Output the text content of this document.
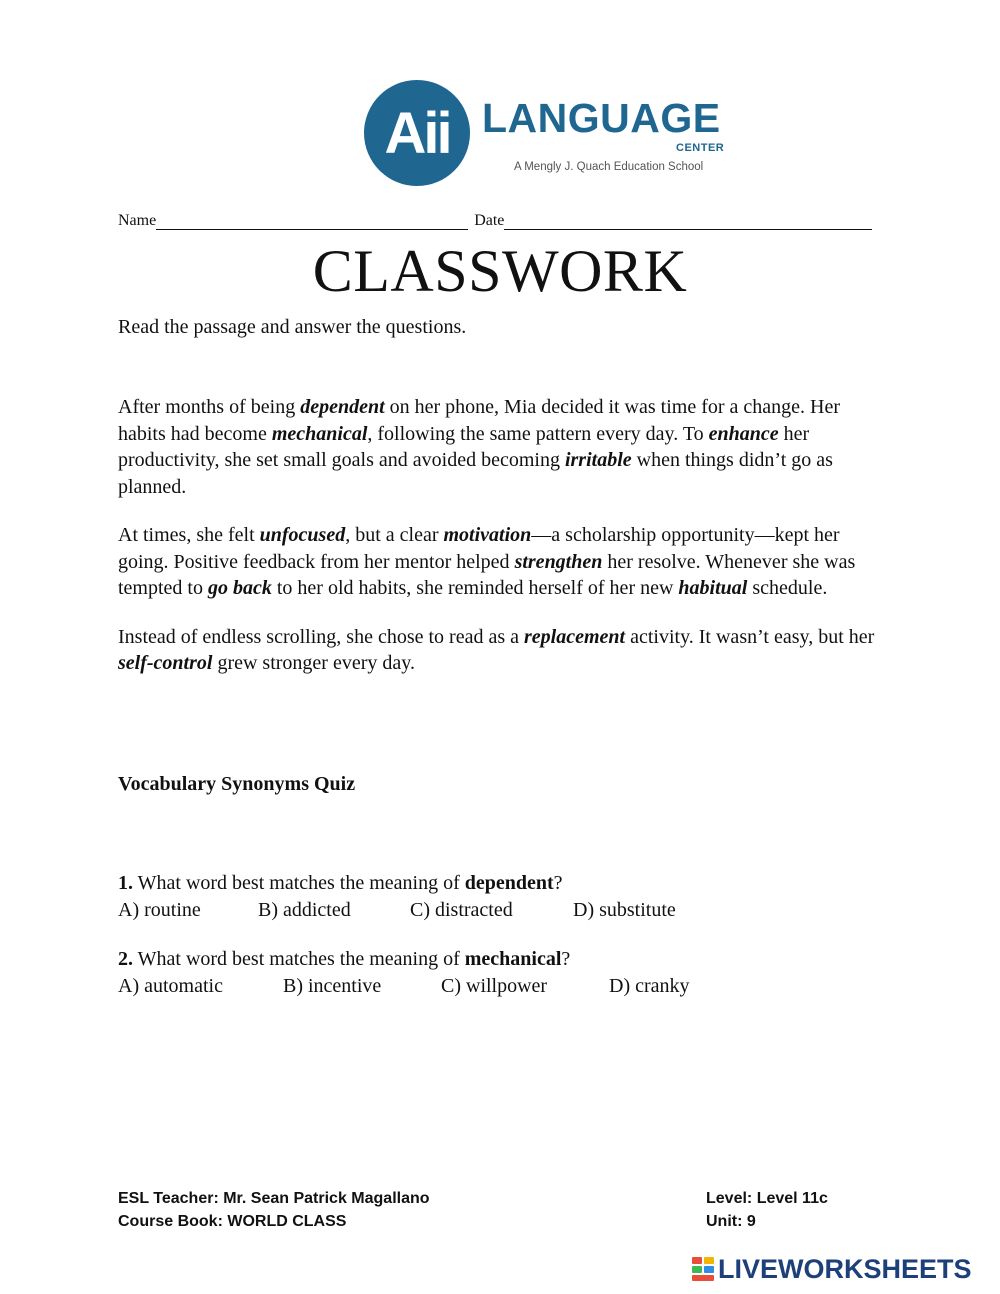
Aii LANGUAGE
CENTER
A Mengly J. Quach Education School
Name	Date
CLASSWORK
Read the passage and answer the questions.

After months of being dependent on her phone, Mia decided it was time for a change. Her habits had become mechanical, following the same pattern every day. To enhance her productivity, she set small goals and avoided becoming irritable when things didn’t go as planned.

At times, she felt unfocused, but a clear motivation—a scholarship opportunity—kept her going. Positive feedback from her mentor helped strengthen her resolve. Whenever she was tempted to go back to her old habits, she reminded herself of her new habitual schedule.

Instead of endless scrolling, she chose to read as a replacement activity. It wasn’t easy, but her self-control grew stronger every day.

Vocabulary Synonyms Quiz

1. What word best matches the meaning of dependent?

A) routine	B) addicted	C) distracted	D) substitute

2. What word best matches the meaning of mechanical?

A) automatic	B) incentive	C) willpower	D) cranky

ESL Teacher: Mr. Sean Patrick Magallano
Course Book: WORLD CLASS
Level: Level 11c
Unit: 9
LIVEWORKSHEETS
